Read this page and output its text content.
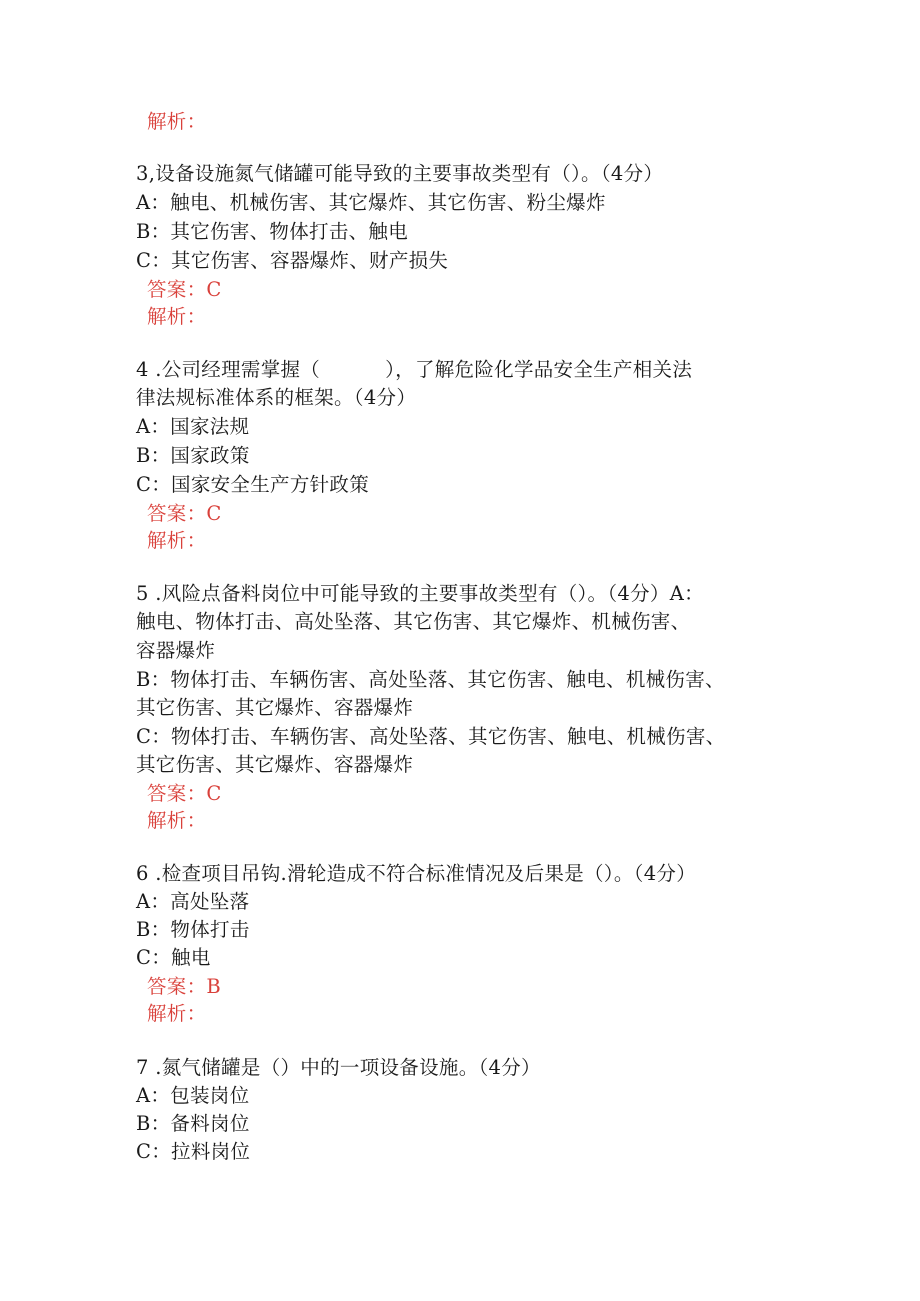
解析：
3,设备设施氮气储罐可能导致的主要事故类型有（）。（4分）
A：触电、机械伤害、其它爆炸、其它伤害、粉尘爆炸
B：其它伤害、物体打击、触电
C：其它伤害、容器爆炸、财产损失
答案：C
解析：
4 .公司经理需掌握（          ），了解危险化学品安全生产相关法
律法规标准体系的框架。（4分）
A：国家法规
B：国家政策
C：国家安全生产方针政策
答案：C
解析：
5 .风险点备料岗位中可能导致的主要事故类型有（）。（4分）A：
触电、物体打击、高处坠落、其它伤害、其它爆炸、机械伤害、
容器爆炸
B：物体打击、车辆伤害、高处坠落、其它伤害、触电、机械伤害、
其它伤害、其它爆炸、容器爆炸
C：物体打击、车辆伤害、高处坠落、其它伤害、触电、机械伤害、
其它伤害、其它爆炸、容器爆炸
答案：C
解析：
6 .检查项目吊钩.滑轮造成不符合标准情况及后果是（）。（4分）
A：高处坠落
B：物体打击
C：触电
答案：B
解析：
7 .氮气储罐是（）中的一项设备设施。（4分）
A：包装岗位
B：备料岗位
C：拉料岗位
